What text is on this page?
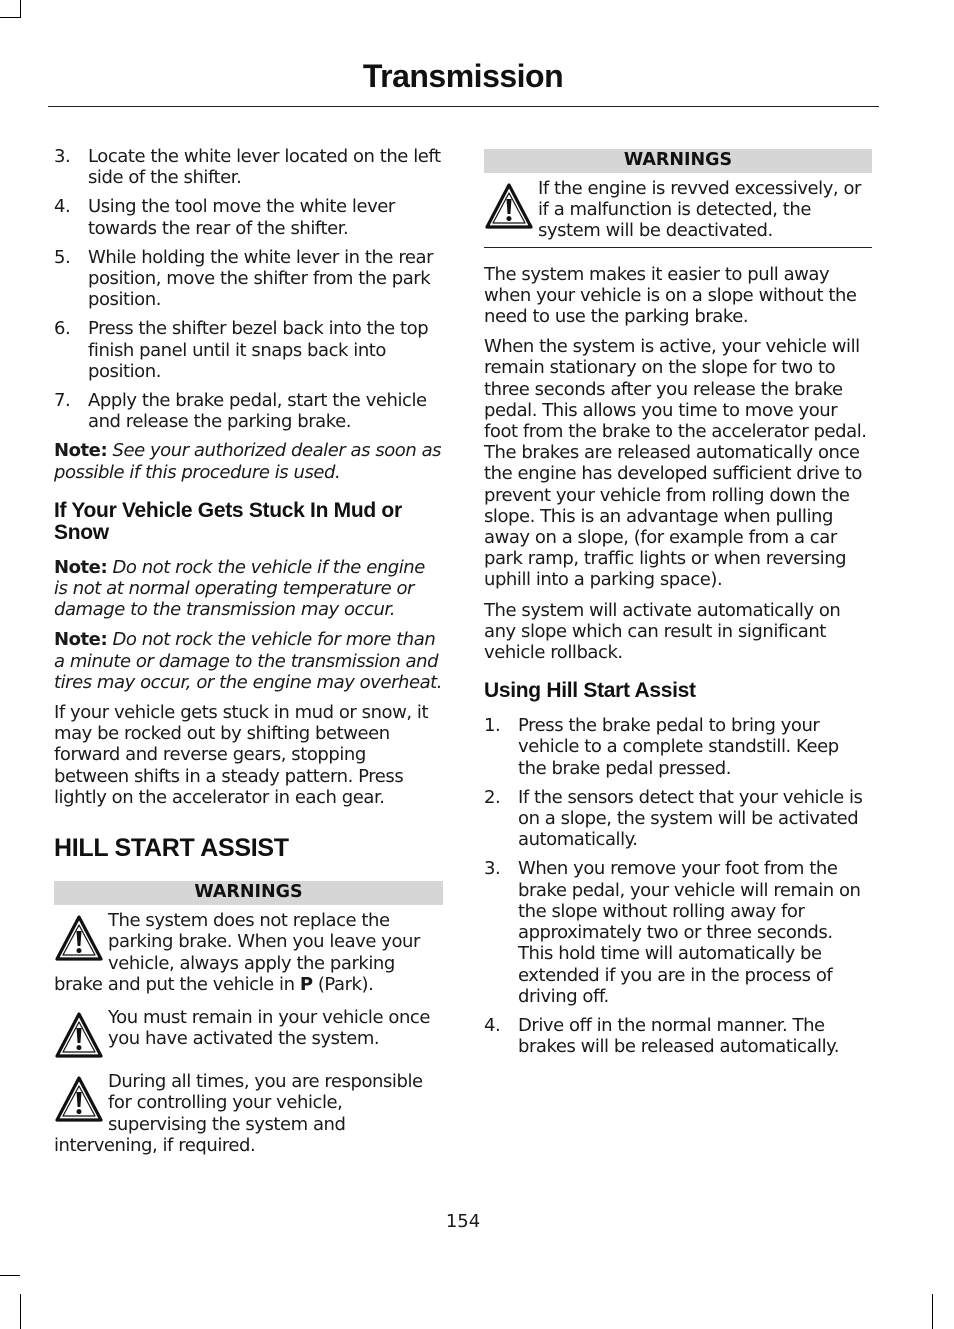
Transmission
3. Locate the white lever located on the left side of the shifter.
4. Using the tool move the white lever towards the rear of the shifter.
5. While holding the white lever in the rear position, move the shifter from the park position.
6. Press the shifter bezel back into the top finish panel until it snaps back into position.
7. Apply the brake pedal, start the vehicle and release the parking brake.

Note: See your authorized dealer as soon as possible if this procedure is used.

If Your Vehicle Gets Stuck In Mud or Snow

Note: Do not rock the vehicle if the engine is not at normal operating temperature or damage to the transmission may occur.

Note: Do not rock the vehicle for more than a minute or damage to the transmission and tires may occur, or the engine may overheat.

If your vehicle gets stuck in mud or snow, it may be rocked out by shifting between forward and reverse gears, stopping between shifts in a steady pattern. Press lightly on the accelerator in each gear.

HILL START ASSIST
WARNINGS
The system does not replace the parking brake. When you leave your vehicle, always apply the parking brake and put the vehicle in P (Park).
You must remain in your vehicle once you have activated the system.
During all times, you are responsible for controlling your vehicle, supervising the system and intervening, if required.
WARNINGS
If the engine is revved excessively, or if a malfunction is detected, the system will be deactivated.

The system makes it easier to pull away when your vehicle is on a slope without the need to use the parking brake.

When the system is active, your vehicle will remain stationary on the slope for two to three seconds after you release the brake pedal. This allows you time to move your foot from the brake to the accelerator pedal. The brakes are released automatically once the engine has developed sufficient drive to prevent your vehicle from rolling down the slope. This is an advantage when pulling away on a slope, (for example from a car park ramp, traffic lights or when reversing uphill into a parking space).

The system will activate automatically on any slope which can result in significant vehicle rollback.

Using Hill Start Assist
1. Press the brake pedal to bring your vehicle to a complete standstill. Keep the brake pedal pressed.
2. If the sensors detect that your vehicle is on a slope, the system will be activated automatically.
3. When you remove your foot from the brake pedal, your vehicle will remain on the slope without rolling away for approximately two or three seconds. This hold time will automatically be extended if you are in the process of driving off.
4. Drive off in the normal manner. The brakes will be released automatically.
154
